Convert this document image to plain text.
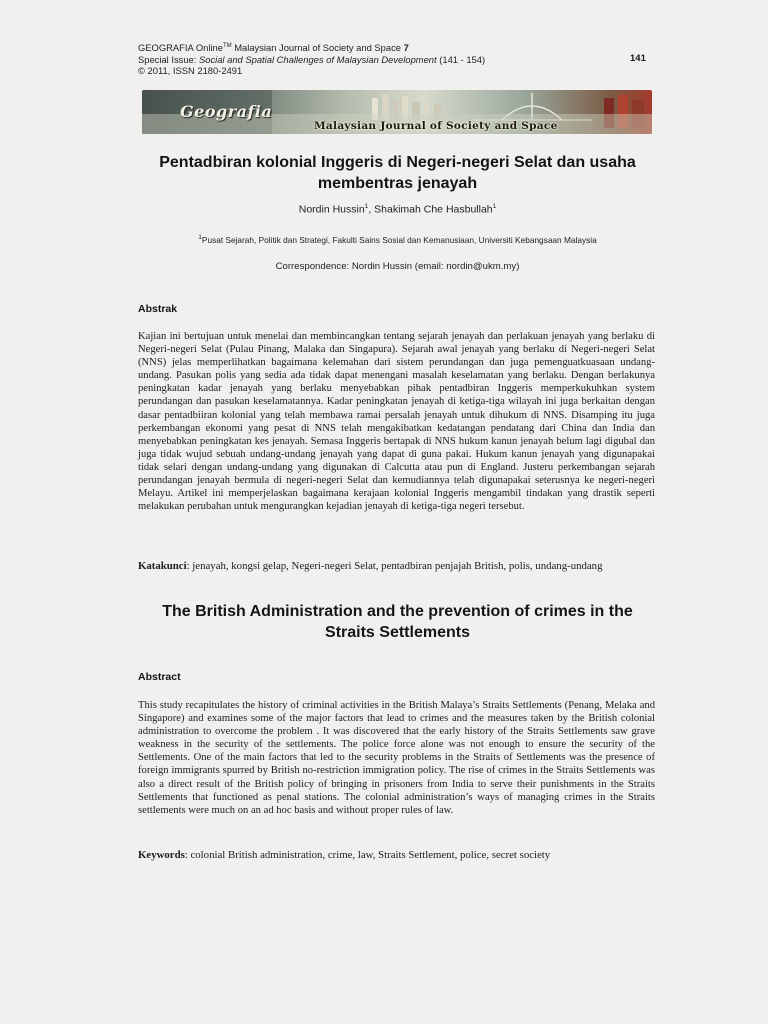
GEOGRAFIA Online™ Malaysian Journal of Society and Space 7
Special Issue: Social and Spatial Challenges of Malaysian Development (141 - 154)
© 2011, ISSN 2180-2491
141
Geografia
Malaysian Journal of Society and Space
Pentadbiran kolonial Inggeris di Negeri-negeri Selat dan usaha membentras jenayah
Nordin Hussin$^1$, Shakimah Che Hasbullah$^1$
$^1$Pusat Sejarah, Politik dan Strategi, Fakulti Sains Sosial dan Kemanusiaan, Universiti Kebangsaan Malaysia
Correspondence: Nordin Hussin (email: nordin@ukm.my)
Abstrak
Kajian ini bertujuan untuk menelai dan membincangkan tentang sejarah jenayah dan perlakuan jenayah yang berlaku di Negeri-negeri Selat (Pulau Pinang, Malaka dan Singapura). Sejarah awal jenayah yang berlaku di Negeri-negeri Selat (NNS) jelas memperlihatkan bagaimana kelemahan dari sistem perundangan dan juga pemenguatkuasaan undang-undang. Pasukan polis yang sedia ada tidak dapat menengani masalah keselamatan yang berlaku. Dengan berlakunya peningkatan kadar jenayah yang berlaku menyebabkan pihak pentadbiran Inggeris memperkukuhkan system perundangan dan pasukan keselamatannya. Kadar peningkatan jenayah di ketiga-tiga wilayah ini juga berkaitan dengan dasar pentadbiiran kolonial yang telah membawa ramai persalah jenayah untuk dihukum di NNS. Disamping itu juga perkembangan ekonomi yang pesat di NNS telah mengakibatkan kedatangan pendatang dari China dan India dan menyebabkan peningkatan kes jenayah. Semasa Inggeris bertapak di NNS hukum kanun jenayah belum lagi digubal dan juga tidak wujud sebuah undang-undang jenayah yang dapat di guna pakai. Hukum kanun jenayah yang digunapakai tidak selari dengan undang-undang yang digunakan di Calcutta atau pun di England. Justeru perkembangan sejarah perundangan jenayah bermula di negeri-negeri Selat dan kemudiannya telah digunapakai seterusnya ke negeri-negeri Melayu. Artikel ini memperjelaskan bagaimana kerajaan kolonial Inggeris mengambil tindakan yang drastik seperti melakukan perubahan untuk mengurangkan kejadian jenayah di ketiga-tiga negeri tersebut.
Katakunci: jenayah, kongsi gelap, Negeri-negeri Selat, pentadbiran penjajah British, polis, undang-undang
The British Administration and the prevention of crimes in the Straits Settlements
Abstract
This study recapitulates the history of criminal activities in the British Malaya’s Straits Settlements (Penang, Melaka and Singapore) and examines some of the major factors that lead to crimes and the measures taken by the British colonial administration to overcome the problem . It was discovered that the early history of the Straits Settlements saw grave weakness in the security of the settlements. The police force alone was not enough to ensure the security of the Settlements. One of the main factors that led to the security problems in the Straits of Settlements was the presence of foreign immigrants spurred by British no-restriction immigration policy. The rise of crimes in the Straits Settlements was also a direct result of the British policy of bringing in prisoners from India to serve their punishments in the Straits Settlements that functioned as penal stations. The colonial administration’s ways of managing crimes in the Straits settlements were much on an ad hoc basis and without proper rules of law.
Keywords: colonial British administration, crime, law, Straits Settlement, police, secret society
